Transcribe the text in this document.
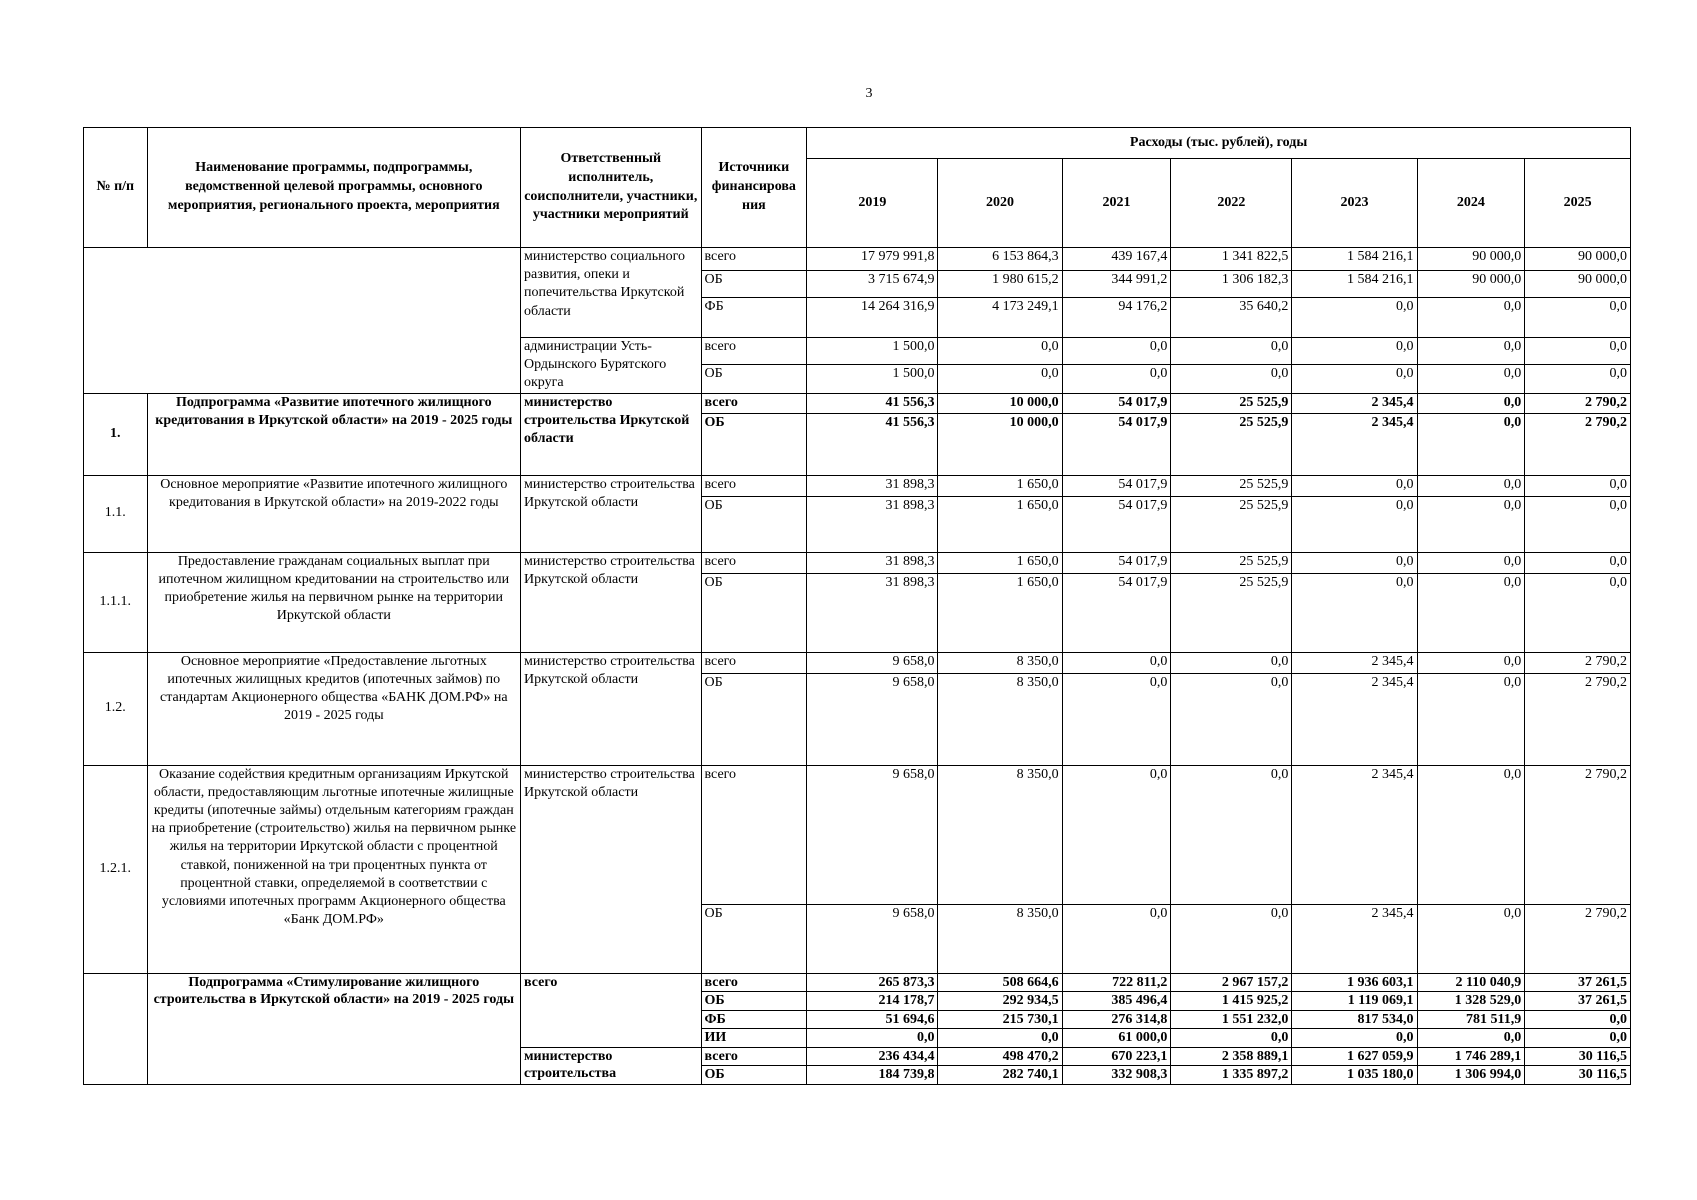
3
№ п/п	Наименование программы, подпрограммы, ведомственной целевой программы, основного мероприятия, регионального проекта, мероприятия	Ответственный исполнитель, соисполнители, участники, участники мероприятий	Источники финансирова ния	Расходы (тыс. рублей), годы						
				2019	2020	2021	2022	2023	2024	2025
		министерство социального развития, опеки и попечительства Иркутской области	всего	17 979 991,8	6 153 864,3	439 167,4	1 341 822,5	1 584 216,1	90 000,0	90 000,0
			ОБ	3 715 674,9	1 980 615,2	344 991,2	1 306 182,3	1 584 216,1	90 000,0	90 000,0
			ФБ	14 264 316,9	4 173 249,1	94 176,2	35 640,2	0,0	0,0	0,0
		администрации Усть-Ордынского Бурятского округа	всего	1 500,0	0,0	0,0	0,0	0,0	0,0	0,0
			ОБ	1 500,0	0,0	0,0	0,0	0,0	0,0	0,0
1.	Подпрограмма «Развитие ипотечного жилищного кредитования в Иркутской области» на 2019 - 2025 годы	министерство строительства Иркутской области	всего	41 556,3	10 000,0	54 017,9	25 525,9	2 345,4	0,0	2 790,2
			ОБ	41 556,3	10 000,0	54 017,9	25 525,9	2 345,4	0,0	2 790,2
1.1.	Основное мероприятие «Развитие ипотечного жилищного кредитования в Иркутской области» на 2019-2022 годы	министерство строительства Иркутской области	всего	31 898,3	1 650,0	54 017,9	25 525,9	0,0	0,0	0,0
			ОБ	31 898,3	1 650,0	54 017,9	25 525,9	0,0	0,0	0,0
1.1.1.	Предоставление гражданам социальных выплат при ипотечном жилищном кредитовании на строительство или приобретение жилья на первичном рынке на территории Иркутской области	министерство строительства Иркутской области	всего	31 898,3	1 650,0	54 017,9	25 525,9	0,0	0,0	0,0
			ОБ	31 898,3	1 650,0	54 017,9	25 525,9	0,0	0,0	0,0
1.2.	Основное мероприятие «Предоставление льготных ипотечных жилищных кредитов (ипотечных займов) по стандартам Акционерного общества «БАНК ДОМ.РФ» на 2019 - 2025 годы	министерство строительства Иркутской области	всего	9 658,0	8 350,0	0,0	0,0	2 345,4	0,0	2 790,2
			ОБ	9 658,0	8 350,0	0,0	0,0	2 345,4	0,0	2 790,2
1.2.1.	Оказание содействия кредитным организациям Иркутской области, предоставляющим льготные ипотечные жилищные кредиты (ипотечные займы) отдельным категориям граждан на приобретение (строительство) жилья на первичном рынке жилья на территории Иркутской области с процентной ставкой, пониженной на три процентных пункта от процентной ставки, определяемой в соответствии с условиями ипотечных программ Акционерного общества «Банк ДОМ.РФ»	министерство строительства Иркутской области	всего	9 658,0	8 350,0	0,0	0,0	2 345,4	0,0	2 790,2
			ОБ	9 658,0	8 350,0	0,0	0,0	2 345,4	0,0	2 790,2
	Подпрограмма «Стимулирование жилищного строительства в Иркутской области» на 2019 - 2025 годы	всего	всего	265 873,3	508 664,6	722 811,2	2 967 157,2	1 936 603,1	2 110 040,9	37 261,5
			ОБ	214 178,7	292 934,5	385 496,4	1 415 925,2	1 119 069,1	1 328 529,0	37 261,5
			ФБ	51 694,6	215 730,1	276 314,8	1 551 232,0	817 534,0	781 511,9	0,0
			ИИ	0,0	0,0	61 000,0	0,0	0,0	0,0	0,0
		министерство строительства	всего	236 434,4	498 470,2	670 223,1	2 358 889,1	1 627 059,9	1 746 289,1	30 116,5
			ОБ	184 739,8	282 740,1	332 908,3	1 335 897,2	1 035 180,0	1 306 994,0	30 116,5
